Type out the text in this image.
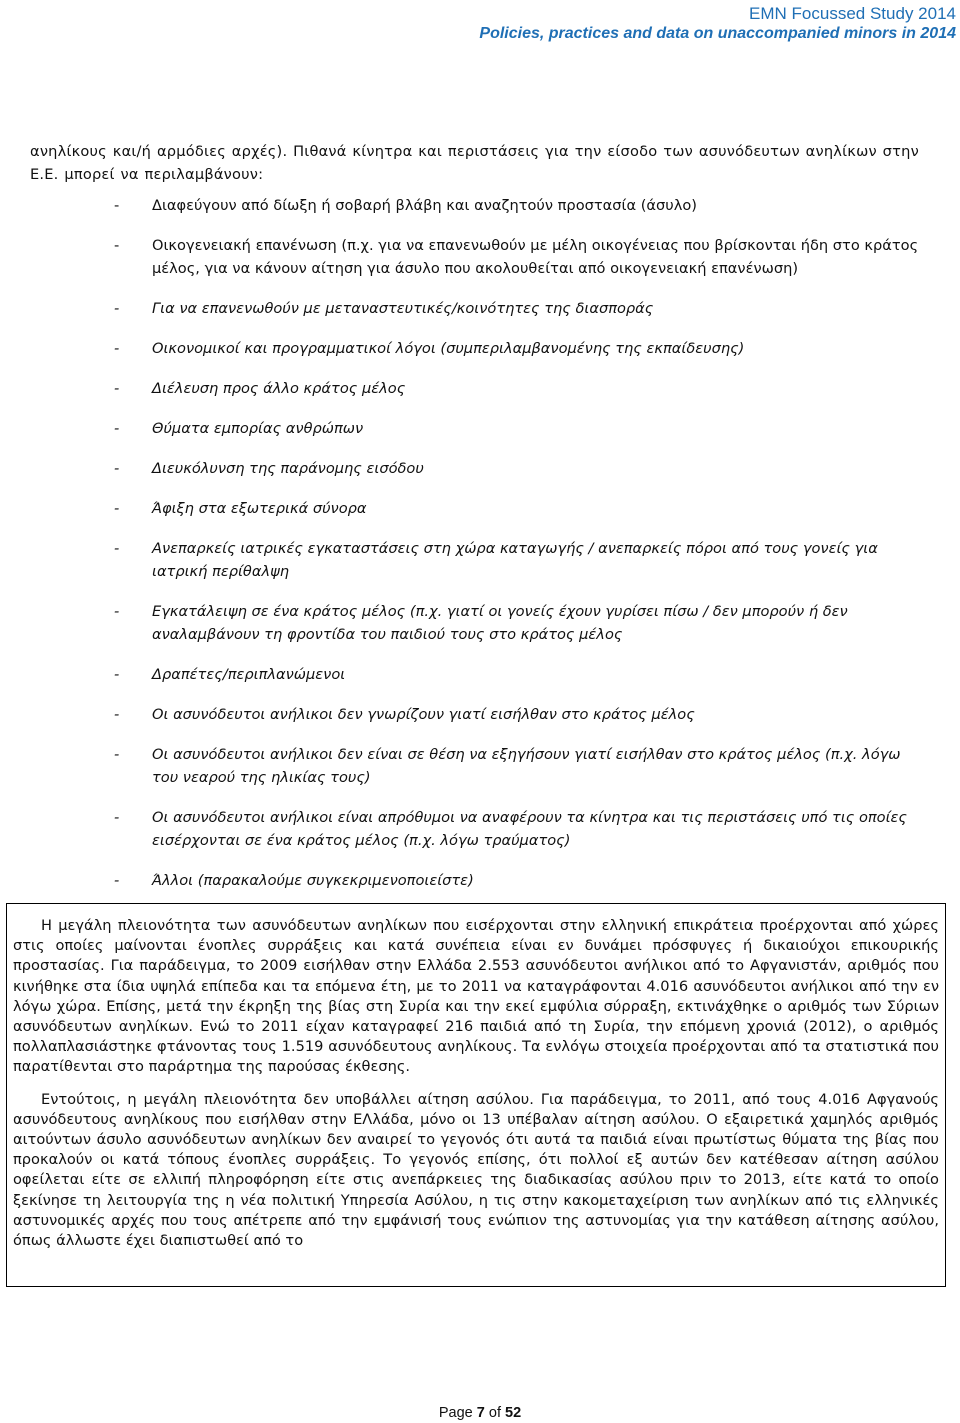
EMN Focussed Study 2014
Policies, practices and data on unaccompanied minors in 2014
ανηλίκους και/ή αρμόδιες αρχές). Πιθανά κίνητρα και περιστάσεις για την είσοδο των ασυνόδευτων ανηλίκων στην Ε.Ε. μπορεί να περιλαμβάνουν:
- Διαφεύγουν από δίωξη ή σοβαρή βλάβη και αναζητούν προστασία (άσυλο)
- Οικογενειακή επανένωση (π.χ. για να επανενωθούν με μέλη οικογένειας που βρίσκονται ήδη στο κράτος μέλος, για να κάνουν αίτηση για άσυλο που ακολουθείται από οικογενειακή επανένωση)
- Για να επανενωθούν με μεταναστευτικές/κοινότητες της διασποράς
- Οικονομικοί και προγραμματικοί λόγοι (συμπεριλαμβανομένης της εκπαίδευσης)
- Διέλευση προς άλλο κράτος μέλος
- Θύματα εμπορίας ανθρώπων
- Διευκόλυνση της παράνομης εισόδου
- Άφιξη στα εξωτερικά σύνορα
- Ανεπαρκείς ιατρικές εγκαταστάσεις στη χώρα καταγωγής / ανεπαρκείς πόροι από τους γονείς για ιατρική περίθαλψη
- Εγκατάλειψη σε ένα κράτος μέλος (π.χ. γιατί οι γονείς έχουν γυρίσει πίσω / δεν μπορούν ή δεν αναλαμβάνουν τη φροντίδα του παιδιού τους στο κράτος μέλος
- Δραπέτες/περιπλανώμενοι
- Οι ασυνόδευτοι ανήλικοι δεν γνωρίζουν γιατί εισήλθαν στο κράτος μέλος
- Οι ασυνόδευτοι ανήλικοι δεν είναι σε θέση να εξηγήσουν γιατί εισήλθαν στο κράτος μέλος (π.χ. λόγω του νεαρού της ηλικίας τους)
- Οι ασυνόδευτοι ανήλικοι είναι απρόθυμοι να αναφέρουν τα κίνητρα και τις περιστάσεις υπό τις οποίες εισέρχονται σε ένα κράτος μέλος (π.χ. λόγω τραύματος)
- Άλλοι (παρακαλούμε συγκεκριμενοποιείστε)

Η μεγάλη πλειονότητα των ασυνόδευτων ανηλίκων που εισέρχονται στην ελληνική επικράτεια προέρχονται από χώρες στις οποίες μαίνονται ένοπλες συρράξεις και κατά συνέπεια είναι εν δυνάμει πρόσφυγες ή δικαιούχοι επικουρικής προστασίας. Για παράδειγμα, το 2009 εισήλθαν στην Ελλάδα 2.553 ασυνόδευτοι ανήλικοι από το Αφγανιστάν, αριθμός που κινήθηκε στα ίδια υψηλά επίπεδα και τα επόμενα έτη, με το 2011 να καταγράφονται 4.016 ασυνόδευτοι ανήλικοι από την εν λόγω χώρα. Επίσης, μετά την έκρηξη της βίας στη Συρία και την εκεί εμφύλια σύρραξη, εκτινάχθηκε ο αριθμός των Σύριων ασυνόδευτων ανηλίκων. Ενώ το 2011 είχαν καταγραφεί 216 παιδιά από τη Συρία, την επόμενη χρονιά (2012), ο αριθμός πολλαπλασιάστηκε φτάνοντας τους 1.519 ασυνόδευτους ανηλίκους. Τα ενλόγω στοιχεία προέρχονται από τα στατιστικά που παρατίθενται στο παράρτημα της παρούσας έκθεσης.

Εντούτοις, η μεγάλη πλειονότητα δεν υποβάλλει αίτηση ασύλου. Για παράδειγμα, το 2011, από τους 4.016 Αφγανούς ασυνόδευτους ανηλίκους που εισήλθαν στην ΕΛλάδα, μόνο οι 13 υπέβαλαν αίτηση ασύλου. Ο εξαιρετικά χαμηλός αριθμός αιτούντων άσυλο ασυνόδευτων ανηλίκων δεν αναιρεί το γεγονός ότι αυτά τα παιδιά είναι πρωτίστως θύματα της βίας που προκαλούν οι κατά τόπους ένοπλες συρράξεις. Το γεγονός επίσης, ότι πολλοί εξ αυτών δεν κατέθεσαν αίτηση ασύλου οφείλεται είτε σε ελλιπή πληροφόρηση είτε στις ανεπάρκειες της διαδικασίας ασύλου πριν το 2013, είτε κατά το οποίο ξεκίνησε τη λειτουργία της η νέα πολιτική Υπηρεσία Ασύλου, η τις στην κακομεταχείριση των ανηλίκων από τις ελληνικές αστυνομικές αρχές που τους απέτρεπε από την εμφάνισή τους ενώπιον της αστυνομίας για την κατάθεση αίτησης ασύλου, όπως άλλωστε έχει διαπιστωθεί από το

Page 7 of 52
